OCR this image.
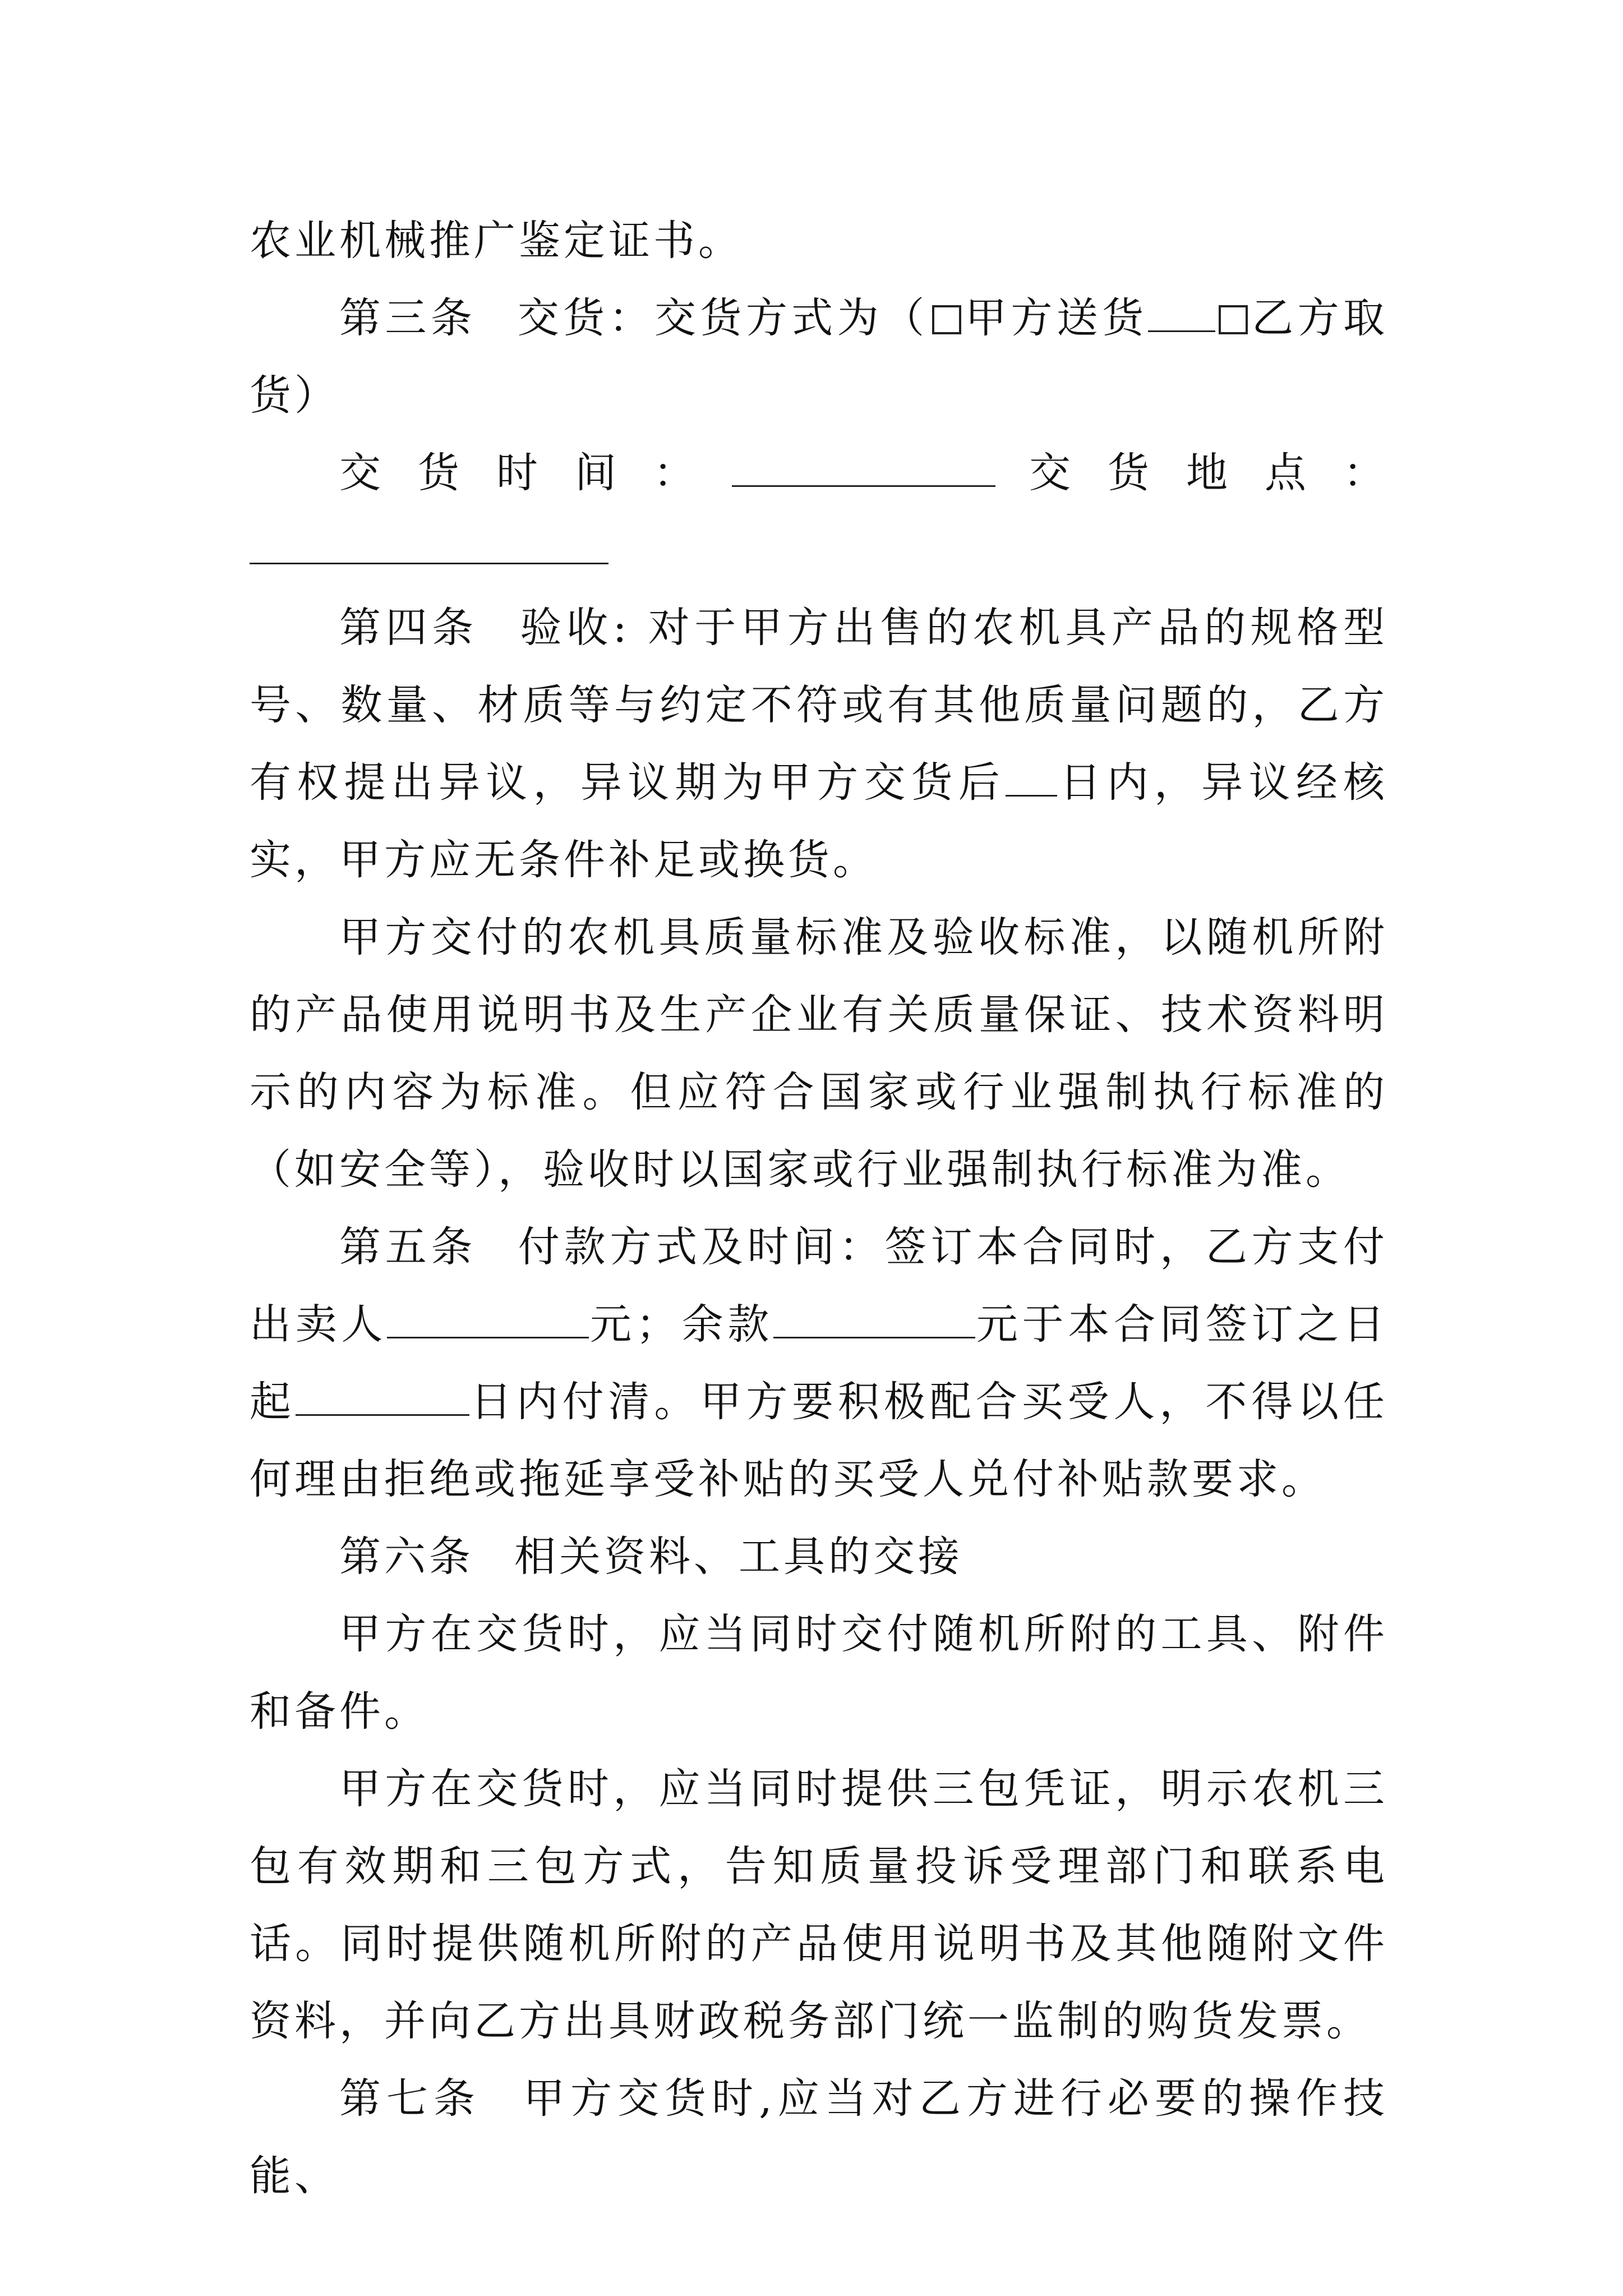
农业机械推广鉴定证书。

第三条 交货：交货方式为（ 甲方送货 乙方取货）

交货时间：	交货地点：

第四条 验收: 对于甲方出售的农机具产品的规格型号、数量、材质等与约定不符或有其他质量问题的，乙方有权提出异议，异议期为甲方交货后 日内，异议经核实，甲方应无条件补足或换货。

甲方交付的农机具质量标准及验收标准，以随机所附的产品使用说明书及生产企业有关质量保证、技术资料明示的内容为标准。但应符合国家或行业强制执行标准的（如安全等），验收时以国家或行业强制执行标准为准。

第五条 付款方式及时间：签订本合同时，乙方支付出卖人	元；余款	元于本合同签订之日起	日内付清。甲方要积极配合买受人，不得以任何理由拒绝或拖延享受补贴的买受人兑付补贴款要求。

第六条 相关资料、工具的交接

甲方在交货时，应当同时交付随机所附的工具、附件和备件。

甲方在交货时，应当同时提供三包凭证，明示农机三包有效期和三包方式，告知质量投诉受理部门和联系电话。同时提供随机所附的产品使用说明书及其他随附文件资料，并向乙方出具财政税务部门统一监制的购货发票。

第七条 甲方交货时,应当对乙方进行必要的操作技能、
